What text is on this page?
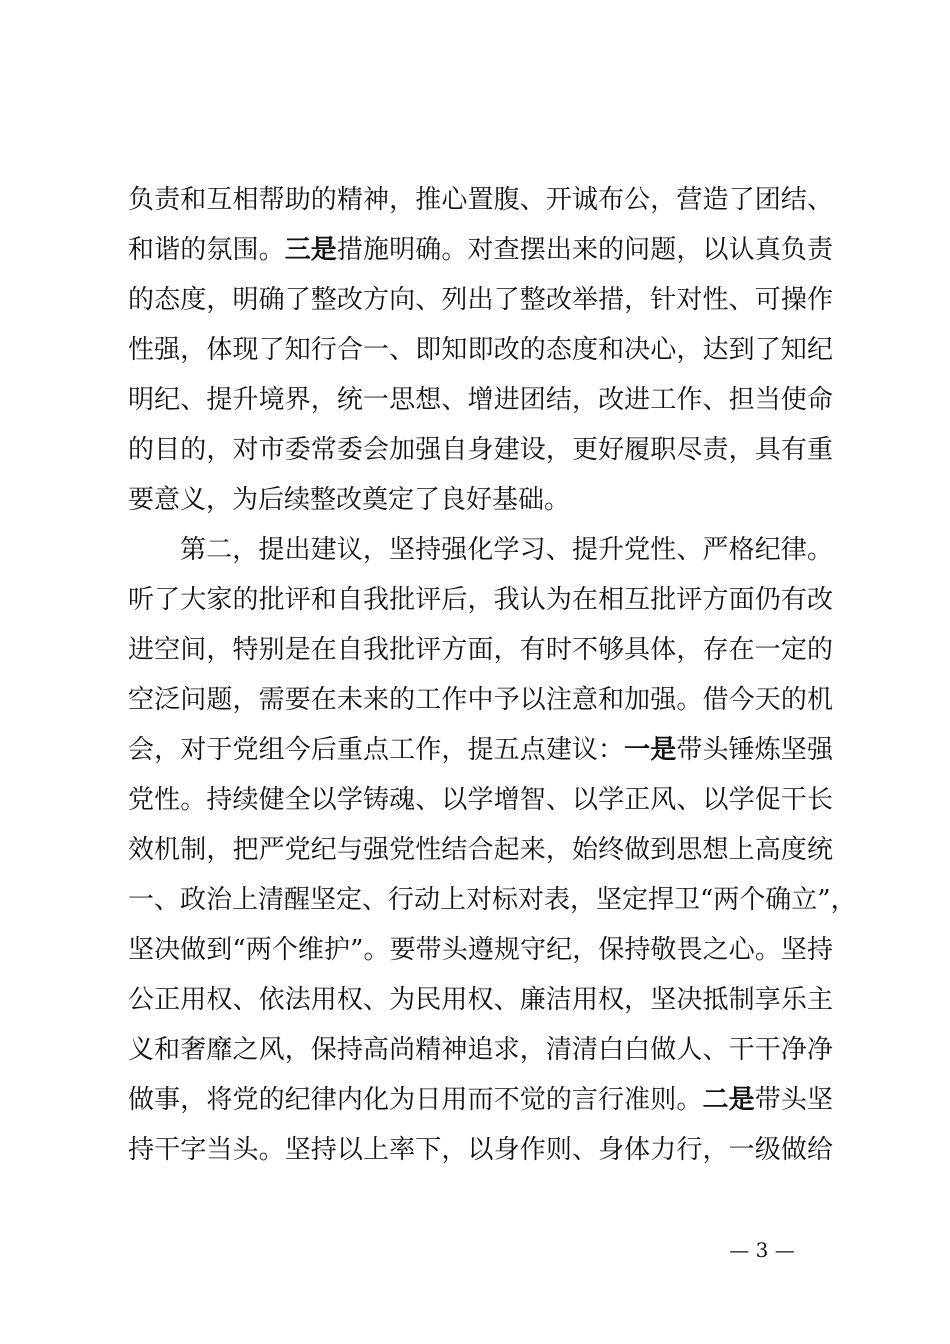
负责和互相帮助的精神，推心置腹、开诚布公，营造了团结、
和谐的氛围。三是措施明确。对查摆出来的问题，以认真负责
的态度，明确了整改方向、列出了整改举措，针对性、可操作
性强，体现了知行合一、即知即改的态度和决心，达到了知纪
明纪、提升境界，统一思想、增进团结，改进工作、担当使命
的目的，对市委常委会加强自身建设，更好履职尽责，具有重
要意义，为后续整改奠定了良好基础。
第二，提出建议，坚持强化学习、提升党性、严格纪律。
听了大家的批评和自我批评后，我认为在相互批评方面仍有改
进空间，特别是在自我批评方面，有时不够具体，存在一定的
空泛问题，需要在未来的工作中予以注意和加强。借今天的机
会，对于党组今后重点工作，提五点建议：一是带头锤炼坚强
党性。持续健全以学铸魂、以学增智、以学正风、以学促干长
效机制，把严党纪与强党性结合起来，始终做到思想上高度统
一、政治上清醒坚定、行动上对标对表，坚定捍卫“两个确立”，
坚决做到“两个维护”。要带头遵规守纪，保持敬畏之心。坚持
公正用权、依法用权、为民用权、廉洁用权，坚决抵制享乐主
义和奢靡之风，保持高尚精神追求，清清白白做人、干干净净
做事，将党的纪律内化为日用而不觉的言行准则。二是带头坚
持干字当头。坚持以上率下，以身作则、身体力行，一级做给
— 3 —
